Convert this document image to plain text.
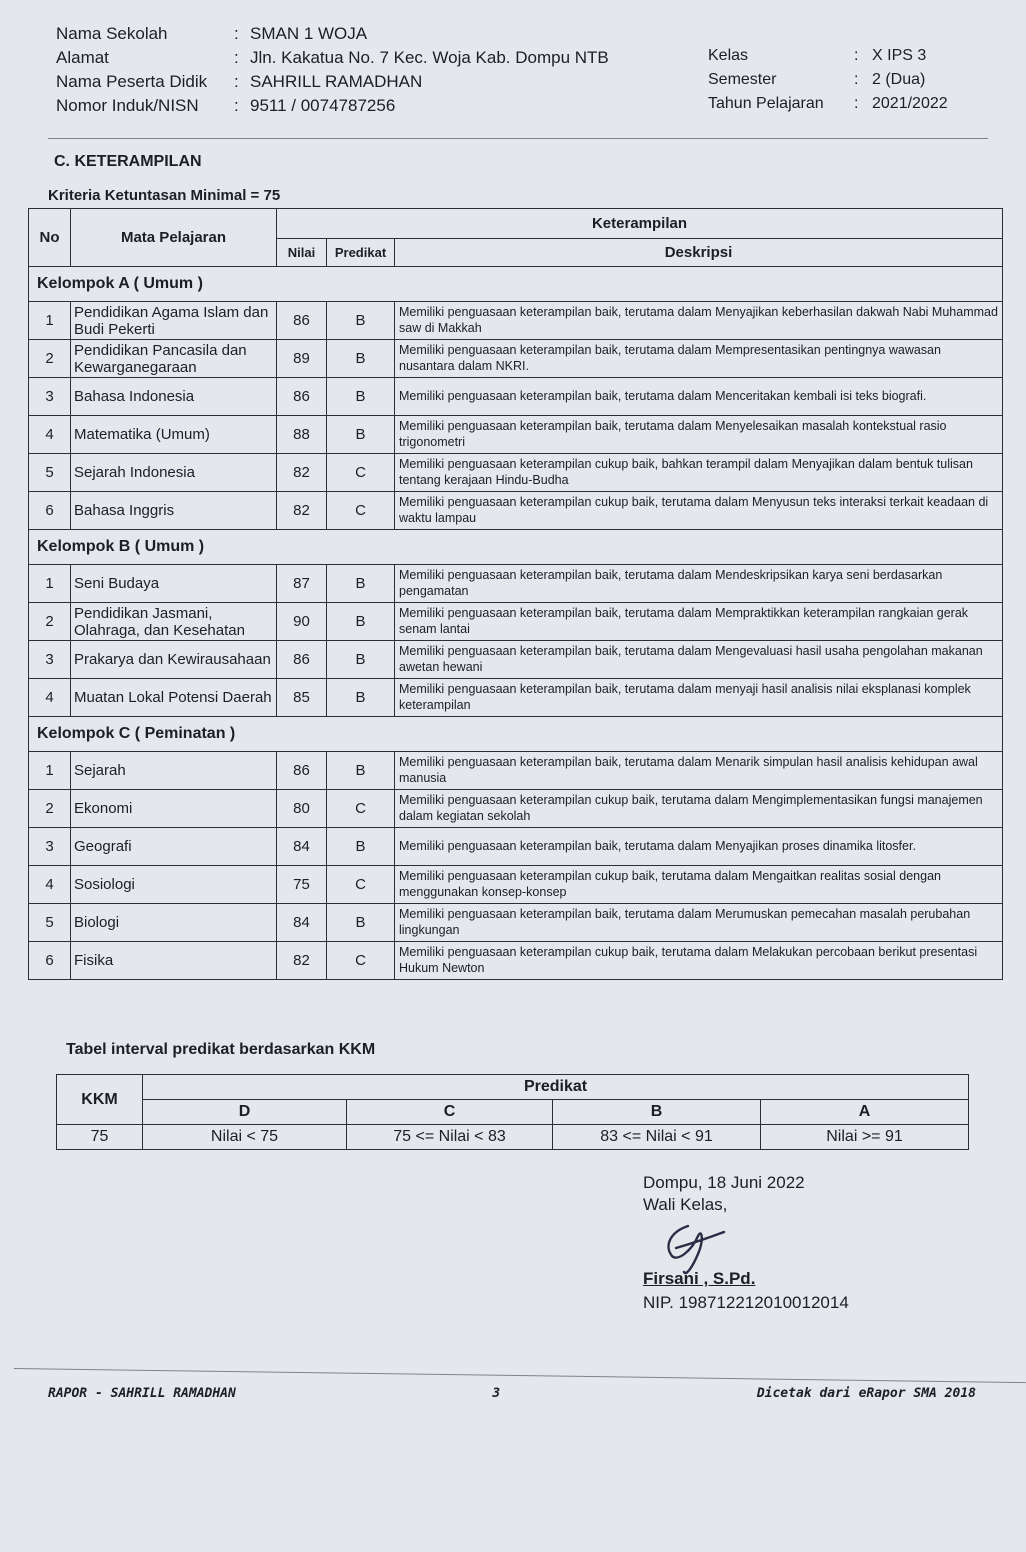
Nama Sekolah	: SMAN 1 WOJA
Alamat	: Jln. Kakatua No. 7 Kec. Woja Kab. Dompu NTB
Nama Peserta Didik	: SAHRILL RAMADHAN
Nomor Induk/NISN	: 9511 / 0074787256
Kelas	: X IPS 3
Semester	: 2 (Dua)
Tahun Pelajaran	: 2021/2022
C. KETERAMPILAN
Kriteria Ketuntasan Minimal = 75
No	Mata Pelajaran	Keterampilan		
		Nilai	Predikat	Deskripsi
Kelompok A ( Umum )				
1	Pendidikan Agama Islam dan Budi Pekerti	86	B	Memiliki penguasaan keterampilan baik, terutama dalam Menyajikan keberhasilan dakwah Nabi Muhammad saw di Makkah
2	Pendidikan Pancasila dan Kewarganegaraan	89	B	Memiliki penguasaan keterampilan baik, terutama dalam Mempresentasikan pentingnya wawasan nusantara dalam NKRI.
3	Bahasa Indonesia	86	B	Memiliki penguasaan keterampilan baik, terutama dalam Menceritakan kembali isi teks biografi.
4	Matematika (Umum)	88	B	Memiliki penguasaan keterampilan baik, terutama dalam Menyelesaikan masalah kontekstual rasio trigonometri
5	Sejarah Indonesia	82	C	Memiliki penguasaan keterampilan cukup baik, bahkan terampil dalam Menyajikan dalam bentuk tulisan tentang kerajaan Hindu-Budha
6	Bahasa Inggris	82	C	Memiliki penguasaan keterampilan cukup baik, terutama dalam Menyusun teks interaksi terkait keadaan di waktu lampau
Kelompok B ( Umum )				
1	Seni Budaya	87	B	Memiliki penguasaan keterampilan baik, terutama dalam Mendeskripsikan karya seni berdasarkan pengamatan
2	Pendidikan Jasmani, Olahraga, dan Kesehatan	90	B	Memiliki penguasaan keterampilan baik, terutama dalam Mempraktikkan keterampilan rangkaian gerak senam lantai
3	Prakarya dan Kewirausahaan	86	B	Memiliki penguasaan keterampilan baik, terutama dalam Mengevaluasi hasil usaha pengolahan makanan awetan hewani
4	Muatan Lokal Potensi Daerah	85	B	Memiliki penguasaan keterampilan baik, terutama dalam menyaji hasil analisis nilai eksplanasi komplek keterampilan
Kelompok C ( Peminatan )				
1	Sejarah	86	B	Memiliki penguasaan keterampilan baik, terutama dalam Menarik simpulan hasil analisis kehidupan awal manusia
2	Ekonomi	80	C	Memiliki penguasaan keterampilan cukup baik, terutama dalam Mengimplementasikan fungsi manajemen dalam kegiatan sekolah
3	Geografi	84	B	Memiliki penguasaan keterampilan baik, terutama dalam Menyajikan proses dinamika litosfer.
4	Sosiologi	75	C	Memiliki penguasaan keterampilan cukup baik, terutama dalam Mengaitkan realitas sosial dengan menggunakan konsep-konsep
5	Biologi	84	B	Memiliki penguasaan keterampilan baik, terutama dalam Merumuskan pemecahan masalah perubahan lingkungan
6	Fisika	82	C	Memiliki penguasaan keterampilan cukup baik, terutama dalam Melakukan percobaan berikut presentasi Hukum Newton
Tabel interval predikat berdasarkan KKM
KKM	Predikat			
	D	C	B	A
75	Nilai < 75	75 <= Nilai < 83	83 <= Nilai < 91	Nilai >= 91
Dompu, 18 Juni 2022
Wali Kelas,
Firsani , S.Pd.
NIP. 198712212010012014
RAPOR - SAHRILL RAMADHAN	3	Dicetak dari eRapor SMA 2018
